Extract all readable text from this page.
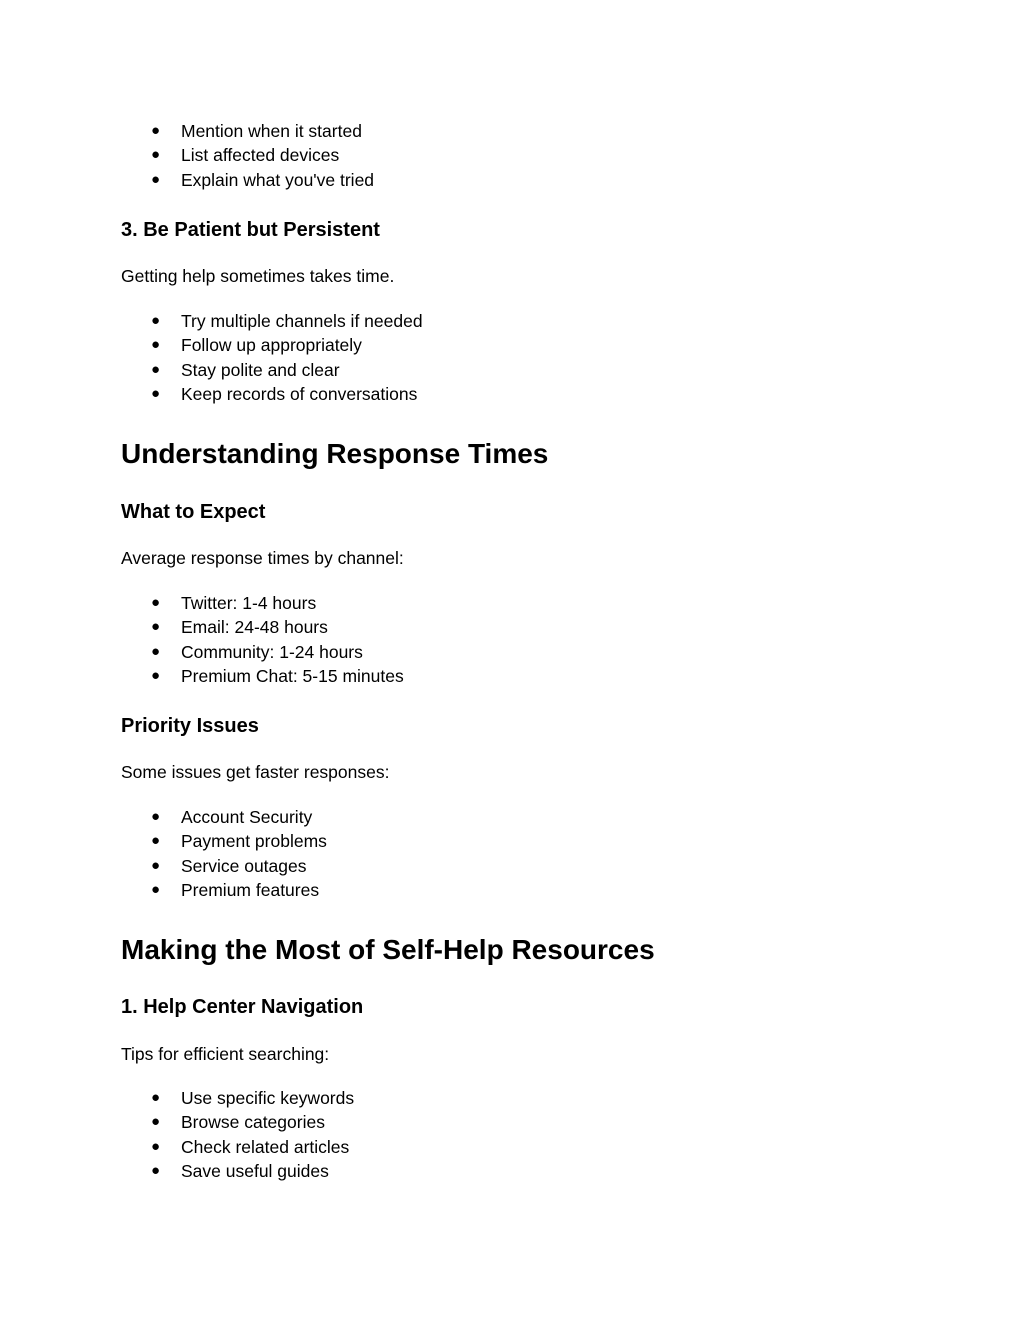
● Mention when it started
● List affected devices
● Explain what you've tried
3. Be Patient but Persistent

Getting help sometimes takes time.

● Try multiple channels if needed
● Follow up appropriately
● Stay polite and clear
● Keep records of conversations
Understanding Response Times
What to Expect

Average response times by channel:

● Twitter: 1-4 hours
● Email: 24-48 hours
● Community: 1-24 hours
● Premium Chat: 5-15 minutes
Priority Issues

Some issues get faster responses:

● Account Security
● Payment problems
● Service outages
● Premium features
Making the Most of Self-Help Resources
1. Help Center Navigation

Tips for efficient searching:

● Use specific keywords
● Browse categories
● Check related articles
● Save useful guides
